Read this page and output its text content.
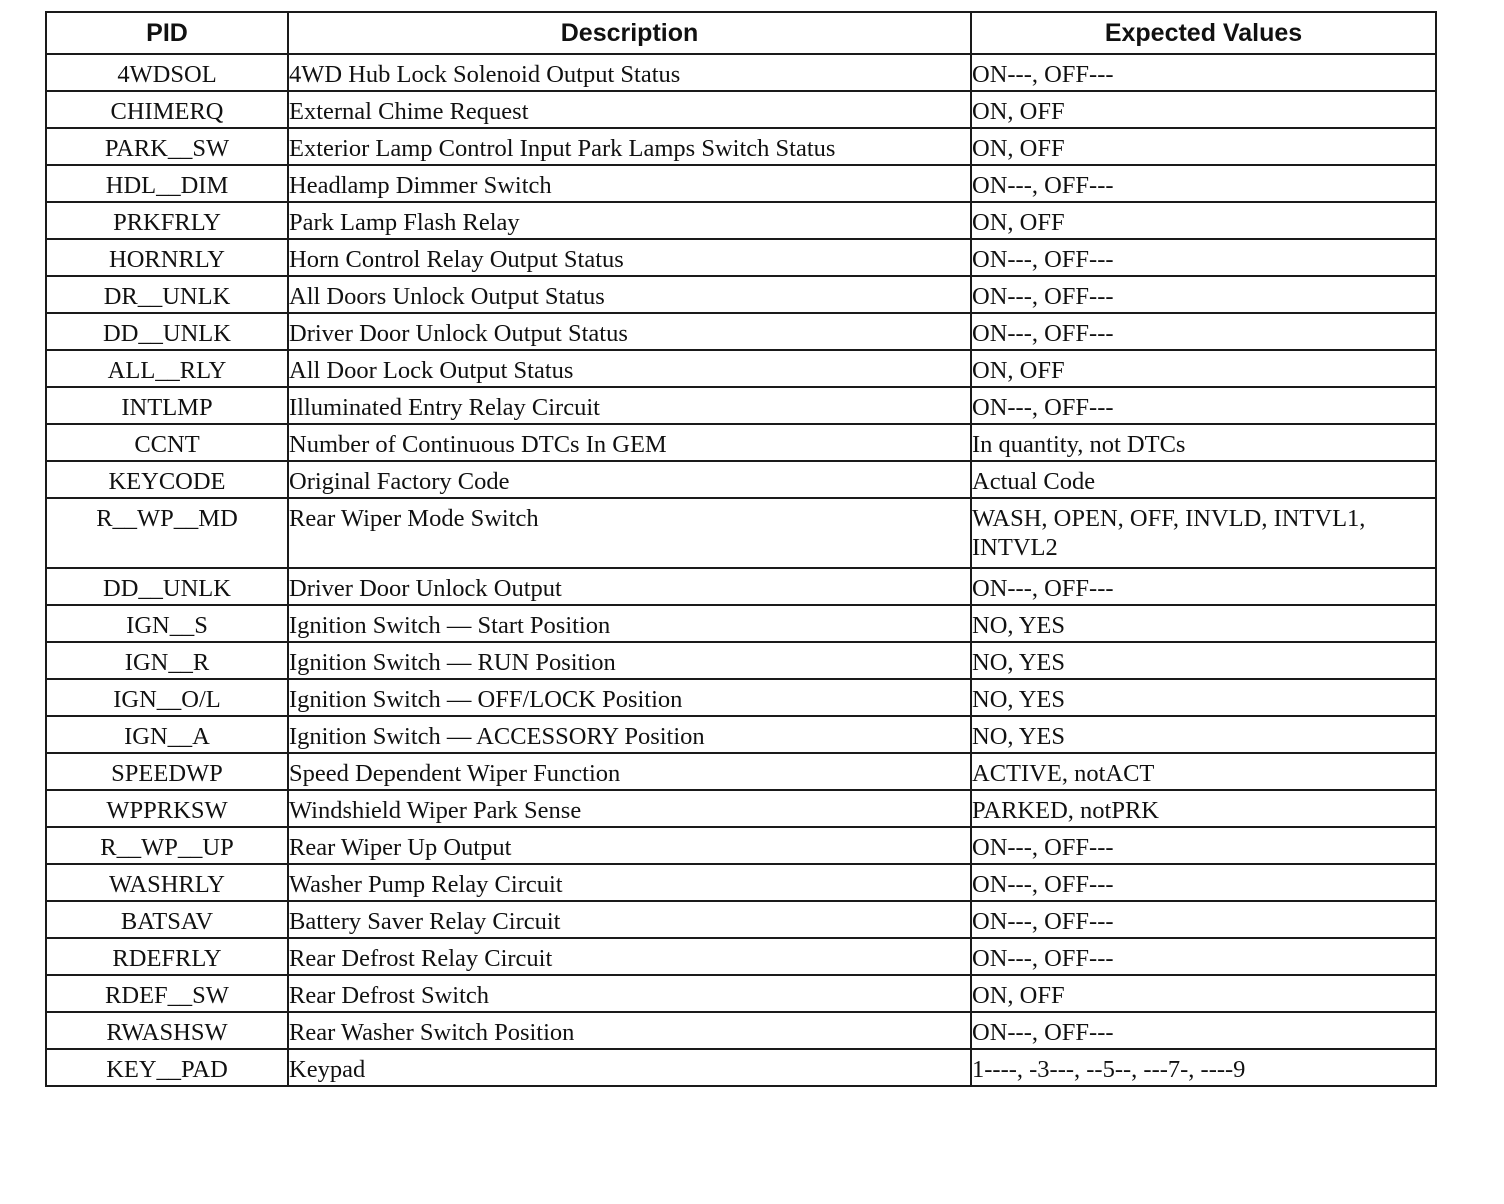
PID	Description	Expected Values
4WDSOL	4WD Hub Lock Solenoid Output Status	ON---, OFF---
CHIMERQ	External Chime Request	ON, OFF
PARK__SW	Exterior Lamp Control Input Park Lamps Switch Status	ON, OFF
HDL__DIM	Headlamp Dimmer Switch	ON---, OFF---
PRKFRLY	Park Lamp Flash Relay	ON, OFF
HORNRLY	Horn Control Relay Output Status	ON---, OFF---
DR__UNLK	All Doors Unlock Output Status	ON---, OFF---
DD__UNLK	Driver Door Unlock Output Status	ON---, OFF---
ALL__RLY	All Door Lock Output Status	ON, OFF
INTLMP	Illuminated Entry Relay Circuit	ON---, OFF---
CCNT	Number of Continuous DTCs In GEM	In quantity, not DTCs
KEYCODE	Original Factory Code	Actual Code
R__WP__MD	Rear Wiper Mode Switch	WASH, OPEN, OFF, INVLD, INTVL1, INTVL2
DD__UNLK	Driver Door Unlock Output	ON---, OFF---
IGN__S	Ignition Switch — Start Position	NO, YES
IGN__R	Ignition Switch — RUN Position	NO, YES
IGN__O/L	Ignition Switch — OFF/LOCK Position	NO, YES
IGN__A	Ignition Switch — ACCESSORY Position	NO, YES
SPEEDWP	Speed Dependent Wiper Function	ACTIVE, notACT
WPPRKSW	Windshield Wiper Park Sense	PARKED, notPRK
R__WP__UP	Rear Wiper Up Output	ON---, OFF---
WASHRLY	Washer Pump Relay Circuit	ON---, OFF---
BATSAV	Battery Saver Relay Circuit	ON---, OFF---
RDEFRLY	Rear Defrost Relay Circuit	ON---, OFF---
RDEF__SW	Rear Defrost Switch	ON, OFF
RWASHSW	Rear Washer Switch Position	ON---, OFF---
KEY__PAD	Keypad	1----, -3---, --5--, ---7-, ----9
